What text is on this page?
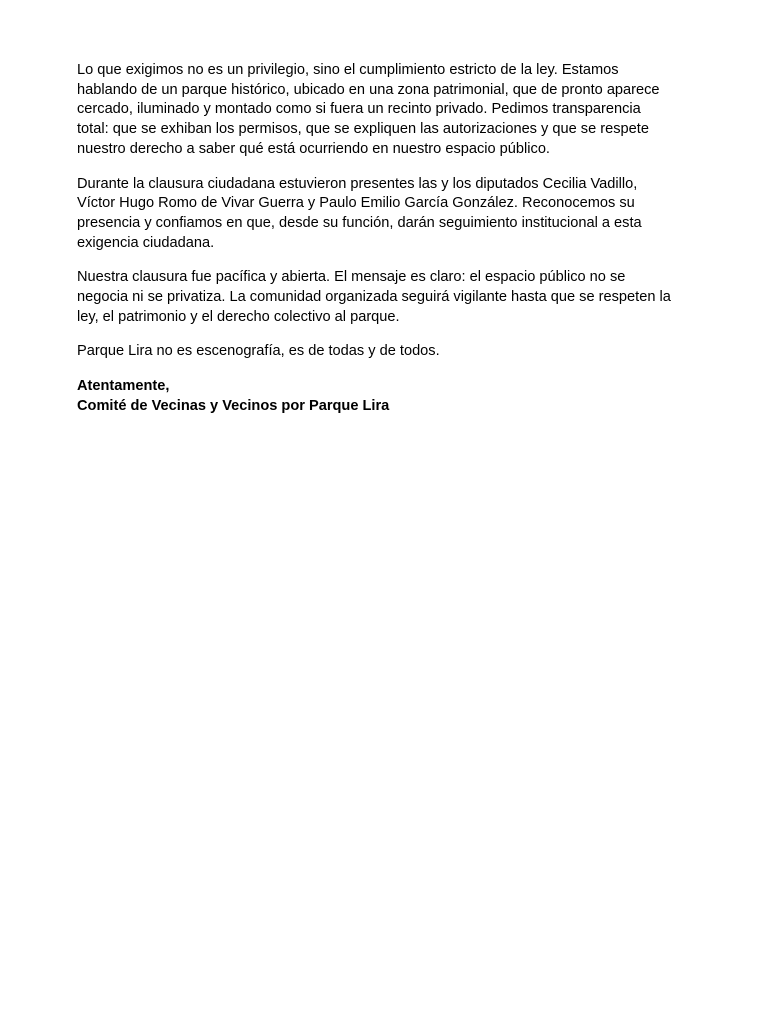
Lo que exigimos no es un privilegio, sino el cumplimiento estricto de la ley. Estamos
hablando de un parque histórico, ubicado en una zona patrimonial, que de pronto aparece
cercado, iluminado y montado como si fuera un recinto privado. Pedimos transparencia
total: que se exhiban los permisos, que se expliquen las autorizaciones y que se respete
nuestro derecho a saber qué está ocurriendo en nuestro espacio público.

Durante la clausura ciudadana estuvieron presentes las y los diputados Cecilia Vadillo,
Víctor Hugo Romo de Vivar Guerra y Paulo Emilio García González. Reconocemos su
presencia y confiamos en que, desde su función, darán seguimiento institucional a esta
exigencia ciudadana.

Nuestra clausura fue pacífica y abierta. El mensaje es claro: el espacio público no se
negocia ni se privatiza. La comunidad organizada seguirá vigilante hasta que se respeten la
ley, el patrimonio y el derecho colectivo al parque.

Parque Lira no es escenografía, es de todas y de todos.

Atentamente,
Comité de Vecinas y Vecinos por Parque Lira
